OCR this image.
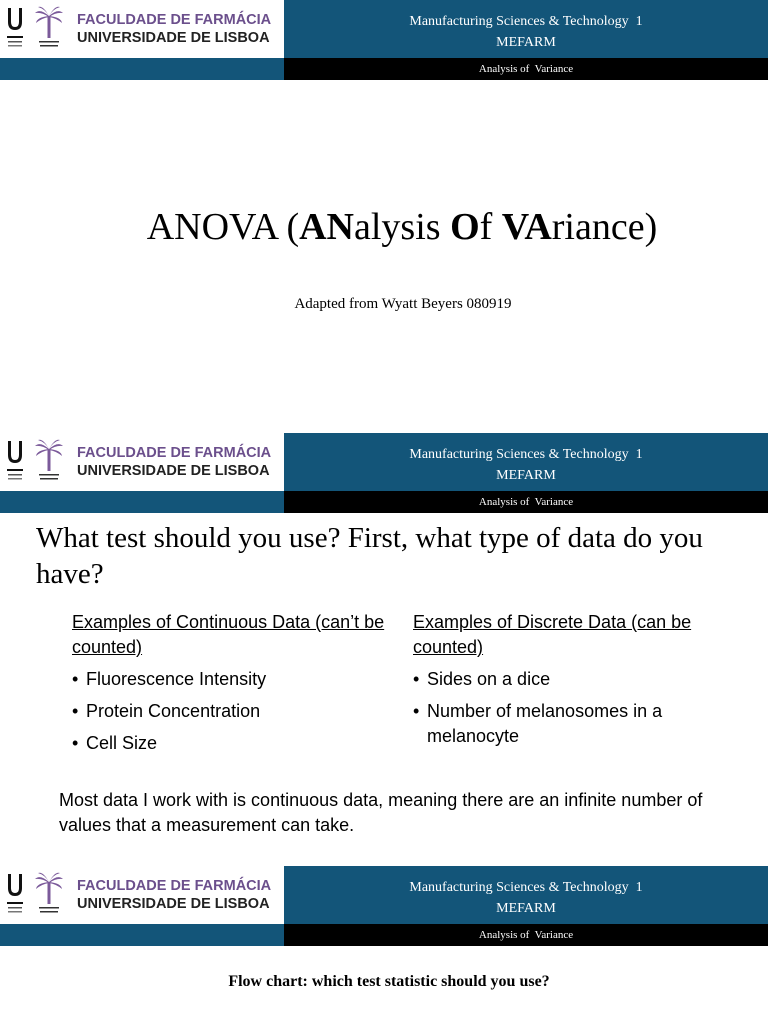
FACULDADE DE FARMÁCIA
UNIVERSIDADE DE LISBOA
Manufacturing Sciences & Technology  1
MEFARM
Analysis of  Variance
ANOVA (ANalysis Of VAriance)
Adapted from Wyatt Beyers 080919
FACULDADE DE FARMÁCIA
UNIVERSIDADE DE LISBOA
Manufacturing Sciences & Technology  1
MEFARM
Analysis of  Variance
What test should you use? First, what type of data do you have?
Examples of Continuous Data (can’t be counted)
• Fluorescence Intensity
• Protein Concentration
• Cell Size
Examples of Discrete Data (can be counted)
• Sides on a dice
• Number of melanosomes in a melanocyte
Most data I work with is continuous data, meaning there are an infinite number of values that a measurement can take.
FACULDADE DE FARMÁCIA
UNIVERSIDADE DE LISBOA
Manufacturing Sciences & Technology  1
MEFARM
Analysis of  Variance
Flow chart: which test statistic should you use?
